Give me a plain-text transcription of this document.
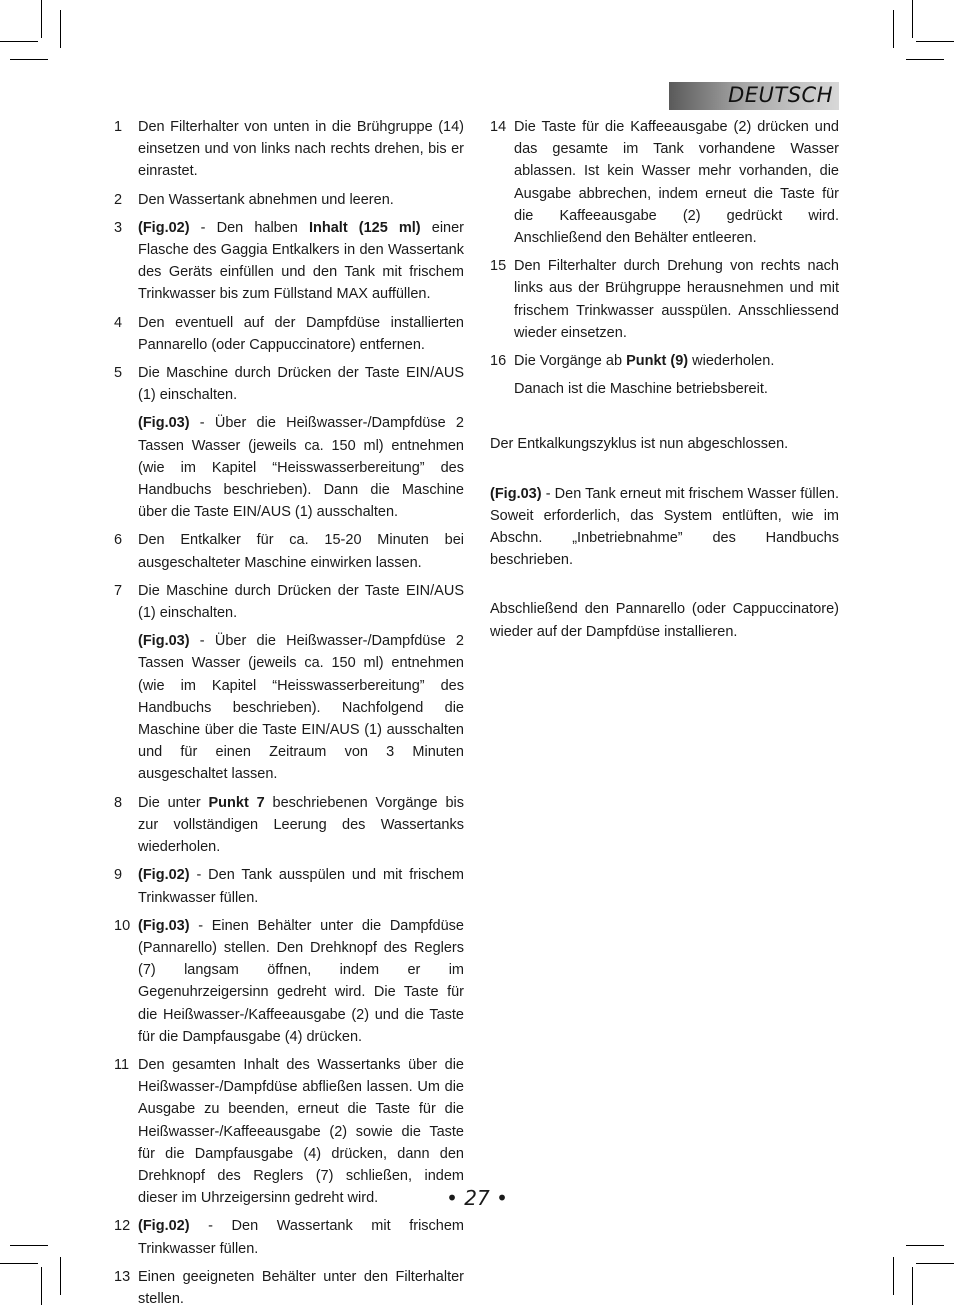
DEUTSCH
1	Den Filterhalter von unten in die Brühgruppe (14) einsetzen und von links nach rechts drehen, bis er einrastet.
2	Den Wassertank abnehmen und leeren.
3	(Fig.02) - Den halben Inhalt (125 ml) einer Flasche des Gaggia Entkalkers in den Wassertank des Geräts einfüllen und den Tank mit frischem Trinkwasser bis zum Füllstand MAX auffüllen.
4	Den eventuell auf der Dampfdüse installierten Pannarello (oder Cappuccinatore) entfernen.
5	Die Maschine durch Drücken der Taste EIN/AUS (1) einschalten.
(Fig.03) - Über die Heißwasser-/Dampfdüse 2 Tassen Wasser (jeweils ca. 150 ml) entnehmen (wie im Kapitel “Heisswasserbereitung” des Handbuchs beschrieben). Dann die Maschine über die Taste EIN/AUS (1) ausschalten.
6	Den Entkalker für ca. 15-20 Minuten bei ausgeschalteter Maschine einwirken lassen.
7	Die Maschine durch Drücken der Taste EIN/AUS (1) einschalten.
(Fig.03) - Über die Heißwasser-/Dampfdüse 2 Tassen Wasser (jeweils ca. 150 ml) entnehmen (wie im Kapitel “Heisswasserbereitung” des Handbuchs beschrieben). Nachfolgend die Maschine über die Taste EIN/AUS (1) ausschalten und für einen Zeitraum von 3 Minuten ausgeschaltet lassen.
8	Die unter Punkt 7 beschriebenen Vorgänge bis zur vollständigen Leerung des Wassertanks wiederholen.
9	(Fig.02) - Den Tank ausspülen und mit frischem Trinkwasser füllen.
10 (Fig.03) - Einen Behälter unter die Dampfdüse (Pannarello) stellen. Den Drehknopf des Reglers (7) langsam öffnen, indem er im Gegenuhrzeigersinn gedreht wird. Die Taste für die Heißwasser-/Kaffeeausgabe (2) und die Taste für die Dampfausgabe (4) drücken.
11 Den gesamten Inhalt des Wassertanks über die Heißwasser-/Dampfdüse abfließen lassen. Um die Ausgabe zu beenden, erneut die Taste für die Heißwasser-/Kaffeeausgabe (2) sowie die Taste für die Dampfausgabe (4) drücken, dann den Drehknopf des Reglers (7) schließen, indem dieser im Uhrzeigersinn gedreht wird.
12 (Fig.02) - Den Wassertank mit frischem Trinkwasser füllen.
13 Einen geeigneten Behälter unter den Filterhalter stellen.
14 Die Taste für die Kaffeeausgabe (2) drücken und das gesamte im Tank vorhandene Wasser ablassen. Ist kein Wasser mehr vorhanden, die Ausgabe abbrechen, indem erneut die Taste für die Kaffeeausgabe (2) gedrückt wird. Anschließend den Behälter entleeren.
15 Den Filterhalter durch Drehung von rechts nach links aus der Brühgruppe herausnehmen und mit frischem Trinkwasser ausspülen. Ansschliessend wieder einsetzen.
16 Die Vorgänge ab Punkt (9) wiederholen.
Danach ist die Maschine betriebsbereit.

Der Entkalkungszyklus ist nun abgeschlossen.

(Fig.03) - Den Tank erneut mit frischem Wasser füllen. Soweit erforderlich, das System entlüften, wie im Abschn. „Inbetriebnahme” des Handbuchs beschrieben.

Abschließend den Pannarello (oder Cappuccinatore) wieder auf der Dampfdüse installieren.

• 27 •
